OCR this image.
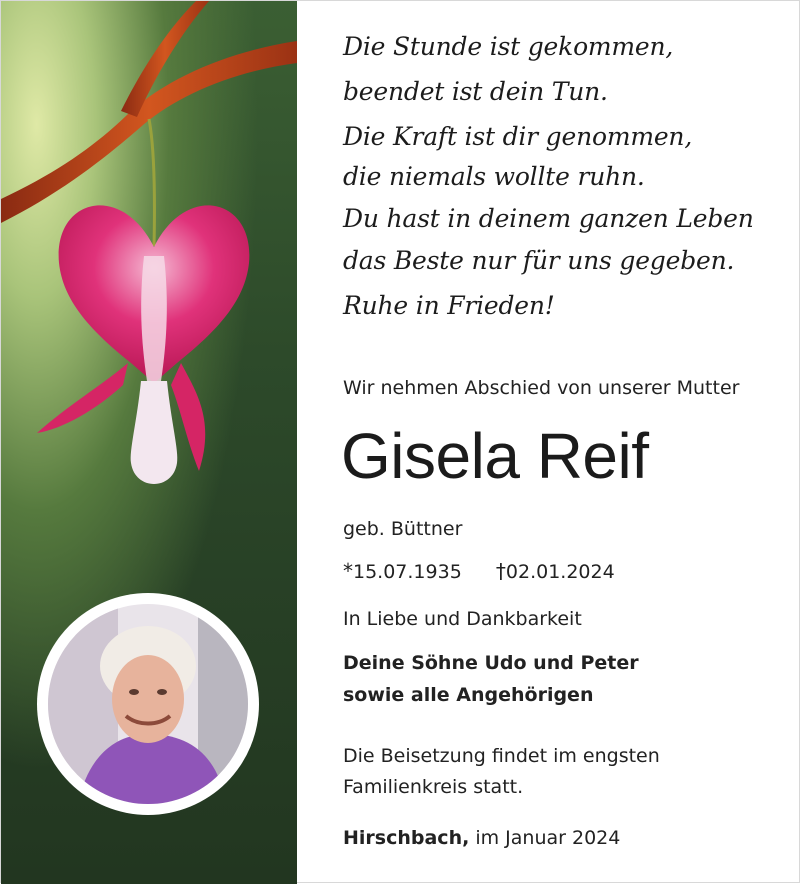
Die Stunde ist gekommen,
beendet ist dein Tun.
Die Kraft ist dir genommen,
die niemals wollte ruhn.
Du hast in deinem ganzen Leben
das Beste nur für uns gegeben.
Ruhe in Frieden!
Wir nehmen Abschied von unserer Mutter
Gisela Reif
geb. Büttner
*15.07.1935 †02.01.2024
In Liebe und Dankbarkeit
Deine Söhne Udo und Peter
sowie alle Angehörigen
Die Beisetzung findet im engsten
Familienkreis statt.
Hirschbach, im Januar 2024
